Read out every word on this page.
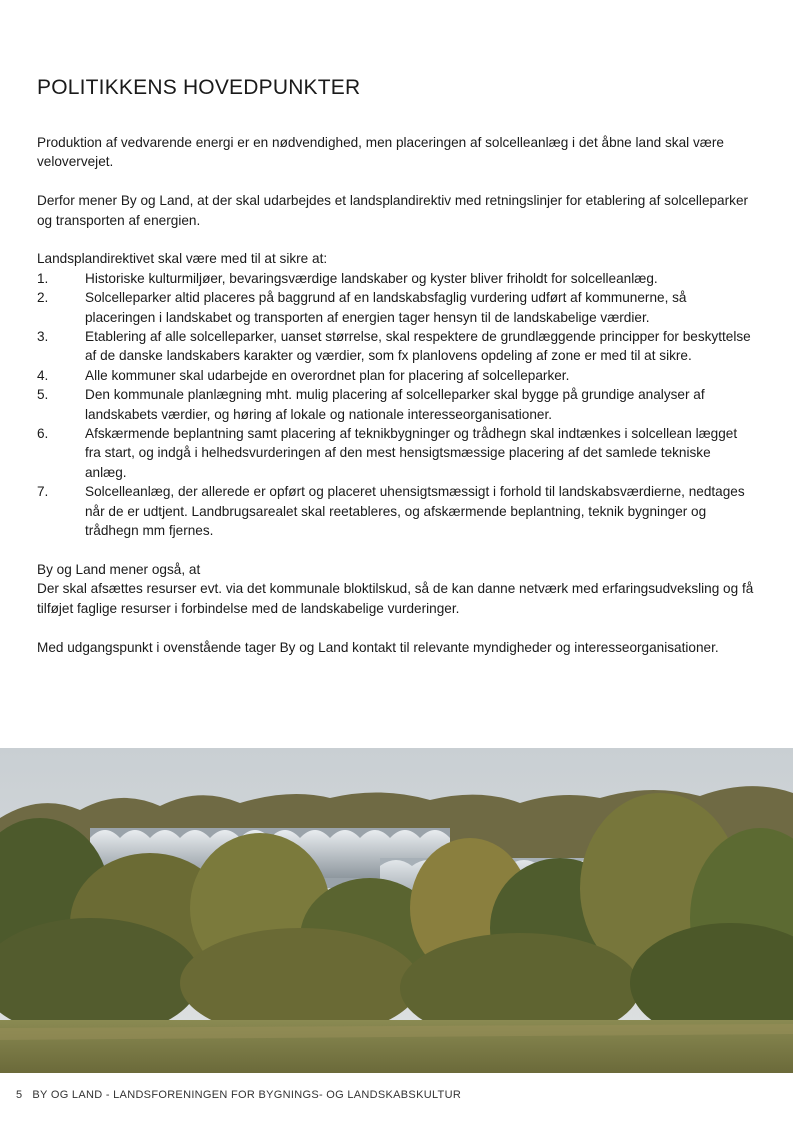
POLITIKKENS HOVEDPUNKTER

Produktion af vedvarende energi er en nødvendighed, men placeringen af solcelleanlæg i det åbne land skal være velovervejet.

Derfor mener By og Land, at der skal udarbejdes et landsplandirektiv med retningslinjer for etablering af solcelleparker og transporten af energien.

Landsplandirektivet skal være med til at sikre at:

1.	Historiske kulturmiljøer, bevaringsværdige landskaber og kyster bliver friholdt for solcelleanlæg.
2.	Solcelleparker altid placeres på baggrund af en landskabsfaglig vurdering udført af kommunerne, så placeringen i landskabet og transporten af energien tager hensyn til de landskabelige værdier.
3.	Etablering af alle solcelleparker, uanset størrelse, skal respektere de grundlæggende principper for beskyttelse af de danske landskabers karakter og værdier, som fx planlovens opdeling af zone er med til at sikre.
4.	Alle kommuner skal udarbejde en overordnet plan for placering af solcelleparker.
5.	Den kommunale planlægning mht. mulig placering af solcelleparker skal bygge på grundige analyser af landskabets værdier, og høring af lokale og nationale interesseorganisationer.
6.	Afskærmende beplantning samt placering af teknikbygninger og trådhegn skal indtænkes i solcellean lægget fra start, og indgå i helhedsvurderingen af den mest hensigtsmæssige placering af det samlede tekniske anlæg.
7.	Solcelleanlæg, der allerede er opført og placeret uhensigtsmæssigt i forhold til landskabsværdierne, nedtages når de er udtjent. Landbrugsarealet skal reetableres, og afskærmende beplantning, teknik bygninger og trådhegn mm fjernes.

By og Land mener også, at

Der skal afsættes resurser evt. via det kommunale bloktilskud, så de kan danne netværk med erfaringsudveksling og få tilføjet faglige resurser i forbindelse med de landskabelige vurderinger.

Med udgangspunkt i ovenstående tager By og Land kontakt til relevante myndigheder og interesseorganisationer.

5 BY OG LAND - LANDSFORENINGEN FOR BYGNINGS- OG LANDSKABSKULTUR
